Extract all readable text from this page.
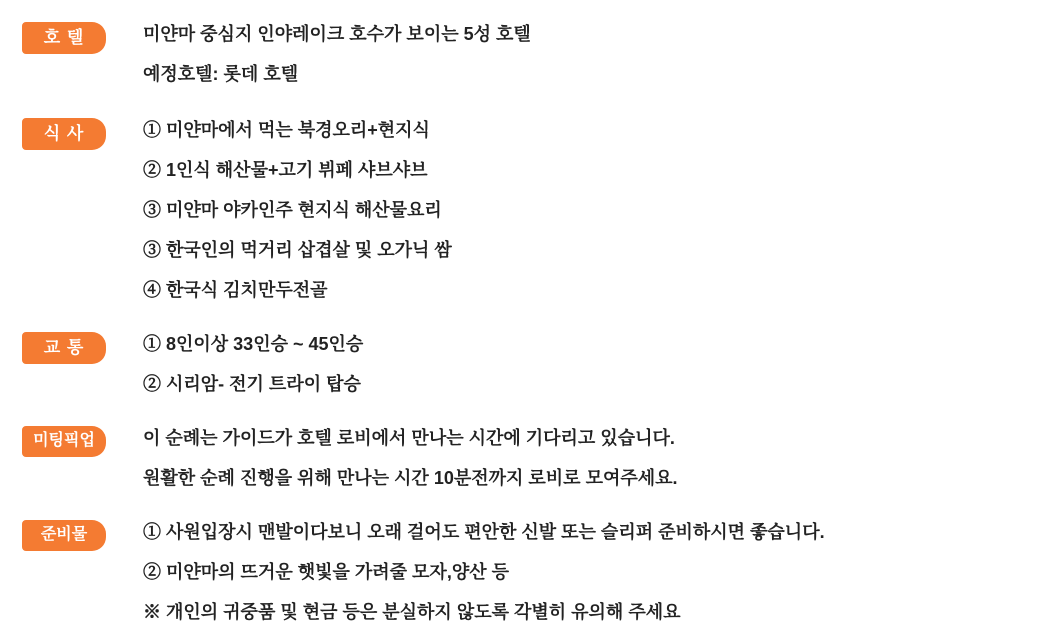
호 텔	미얀마 중심지 인야레이크 호수가 보이는 5성 호텔
예정호텔: 롯데 호텔
식 사	① 미얀마에서 먹는 북경오리+현지식
② 1인식 해산물+고기 뷔페 샤브샤브
③ 미얀마 야카인주 현지식 해산물요리
③ 한국인의 먹거리 삽겹살 및 오가닉 쌈
④ 한국식 김치만두전골
교 통	① 8인이상 33인승 ~ 45인승
② 시리암- 전기 트라이 탑승
미팅픽업	이 순례는 가이드가 호텔 로비에서 만나는 시간에 기다리고 있습니다.
원활한 순례 진행을 위해 만나는 시간 10분전까지 로비로 모여주세요.
준비물	① 사원입장시 맨발이다보니 오래 걸어도 편안한 신발 또는 슬리퍼 준비하시면 좋습니다.
② 미얀마의 뜨거운 햇빛을 가려줄 모자,양산 등
※ 개인의 귀중품 및 현금 등은 분실하지 않도록 각별히 유의해 주세요
